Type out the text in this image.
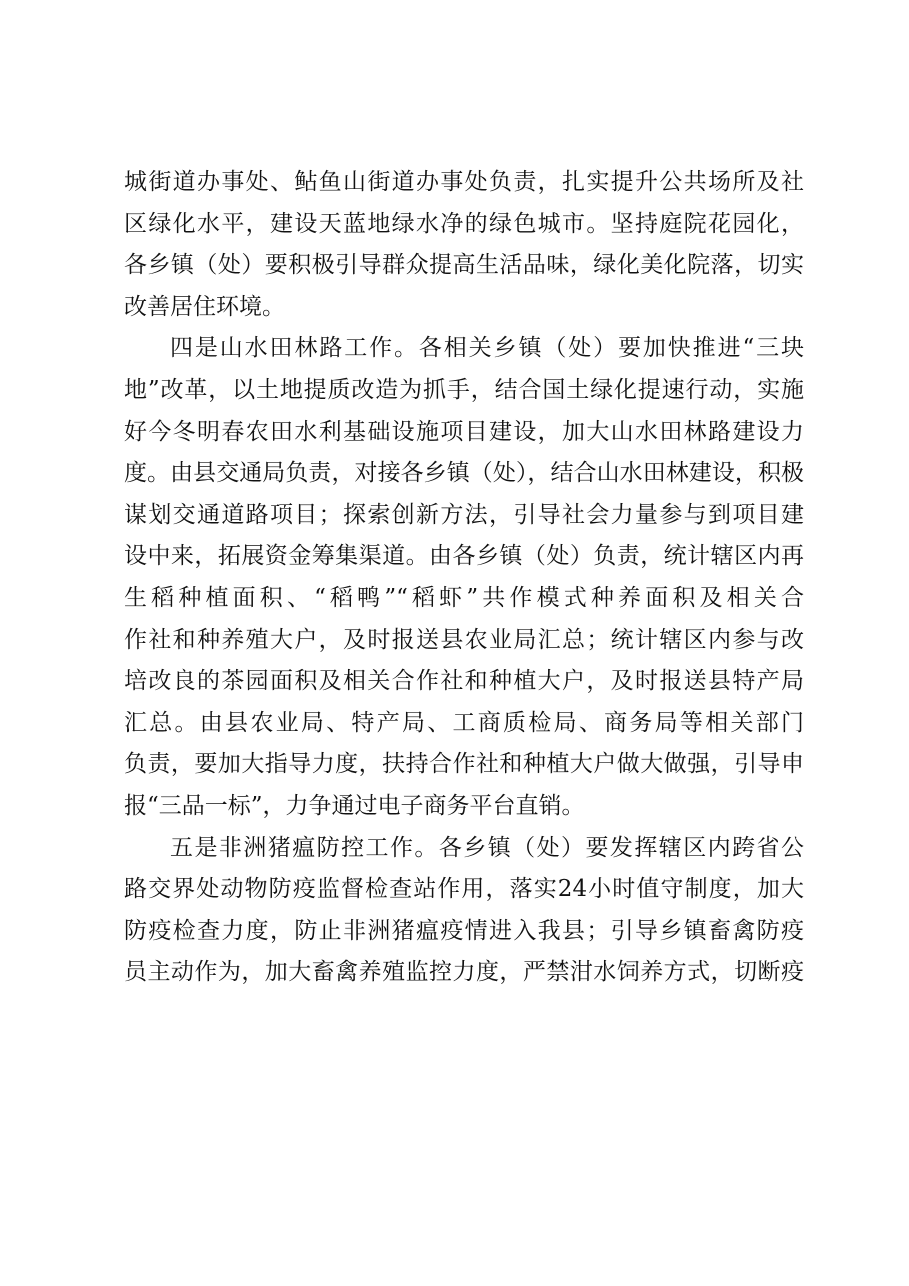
城街道办事处、鲇鱼山街道办事处负责，扎实提升公共场所及社
区绿化水平，建设天蓝地绿水净的绿色城市。坚持庭院花园化，
各乡镇（处）要积极引导群众提高生活品味，绿化美化院落，切实
改善居住环境。
四是山水田林路工作。各相关乡镇（处）要加快推进“三块
地”改革，以土地提质改造为抓手，结合国土绿化提速行动，实施
好今冬明春农田水利基础设施项目建设，加大山水田林路建设力
度。由县交通局负责，对接各乡镇（处），结合山水田林建设，积极
谋划交通道路项目；探索创新方法，引导社会力量参与到项目建
设中来，拓展资金筹集渠道。由各乡镇（处）负责，统计辖区内再
生稻种植面积、“稻鸭”“稻虾”共作模式种养面积及相关合
作社和种养殖大户，及时报送县农业局汇总；统计辖区内参与改
培改良的茶园面积及相关合作社和种植大户，及时报送县特产局
汇总。由县农业局、特产局、工商质检局、商务局等相关部门
负责，要加大指导力度，扶持合作社和种植大户做大做强，引导申
报“三品一标”，力争通过电子商务平台直销。
五是非洲猪瘟防控工作。各乡镇（处）要发挥辖区内跨省公
路交界处动物防疫监督检查站作用，落实24小时值守制度，加大
防疫检查力度，防止非洲猪瘟疫情进入我县；引导乡镇畜禽防疫
员主动作为，加大畜禽养殖监控力度，严禁泔水饲养方式，切断疫
